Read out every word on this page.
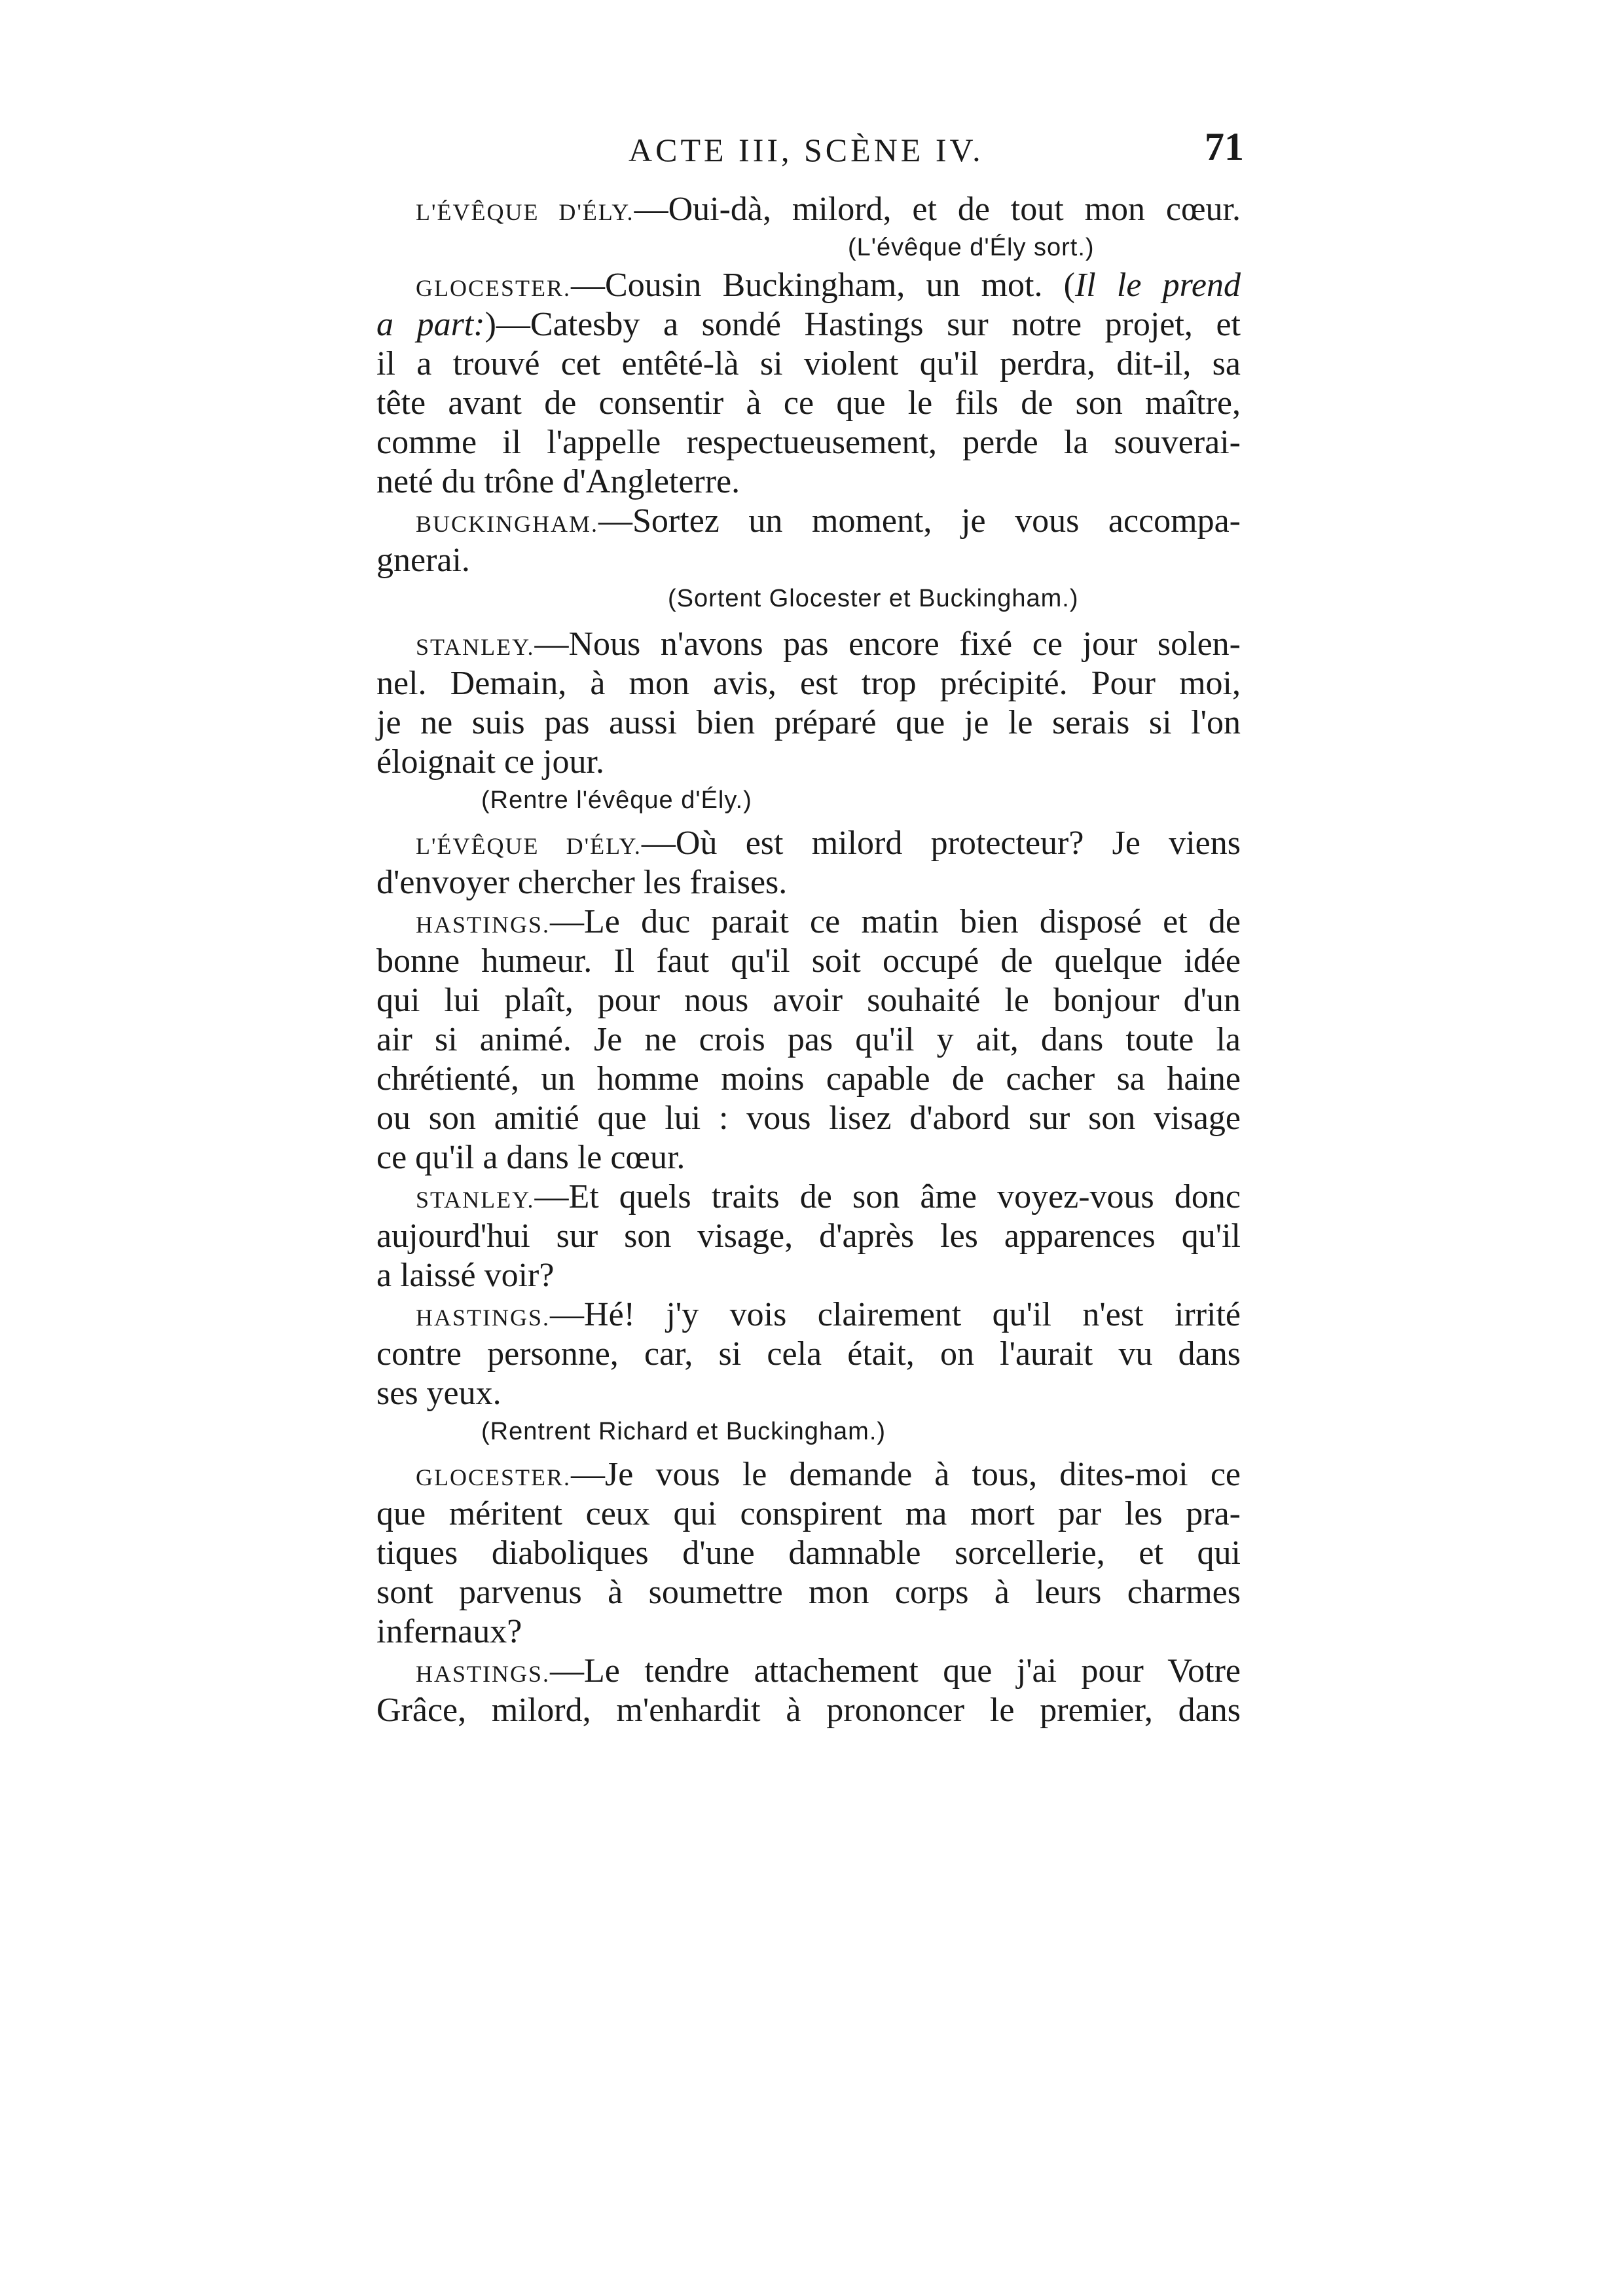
ACTE III, SCÈNE IV.	71
L'ÉVÊQUE D'ÉLY.—Oui-dà, milord, et de tout mon cœur.
(L'évêque d'Ély sort.)
GLOCESTER.—Cousin Buckingham, un mot. (Il le prend
a part:)—Catesby a sondé Hastings sur notre projet, et
il a trouvé cet entêté-là si violent qu'il perdra, dit-il, sa
tête avant de consentir à ce que le fils de son maître,
comme il l'appelle respectueusement, perde la souverai-
neté du trône d'Angleterre.
BUCKINGHAM.—Sortez un moment, je vous accompa-
gnerai.
(Sortent Glocester et Buckingham.)
STANLEY.—Nous n'avons pas encore fixé ce jour solen-
nel. Demain, à mon avis, est trop précipité. Pour moi,
je ne suis pas aussi bien préparé que je le serais si l'on
éloignait ce jour.
(Rentre l'évêque d'Ély.)
L'ÉVÊQUE D'ÉLY.—Où est milord protecteur? Je viens
d'envoyer chercher les fraises.
HASTINGS.—Le duc parait ce matin bien disposé et de
bonne humeur. Il faut qu'il soit occupé de quelque idée
qui lui plaît, pour nous avoir souhaité le bonjour d'un
air si animé. Je ne crois pas qu'il y ait, dans toute la
chrétienté, un homme moins capable de cacher sa haine
ou son amitié que lui : vous lisez d'abord sur son visage
ce qu'il a dans le cœur.
STANLEY.—Et quels traits de son âme voyez-vous donc
aujourd'hui sur son visage, d'après les apparences qu'il
a laissé voir?
HASTINGS.—Hé! j'y vois clairement qu'il n'est irrité
contre personne, car, si cela était, on l'aurait vu dans
ses yeux.
(Rentrent Richard et Buckingham.)
GLOCESTER.—Je vous le demande à tous, dites-moi ce
que méritent ceux qui conspirent ma mort par les pra-
tiques diaboliques d'une damnable sorcellerie, et qui
sont parvenus à soumettre mon corps à leurs charmes
infernaux?
HASTINGS.—Le tendre attachement que j'ai pour Votre
Grâce, milord, m'enhardit à prononcer le premier, dans
